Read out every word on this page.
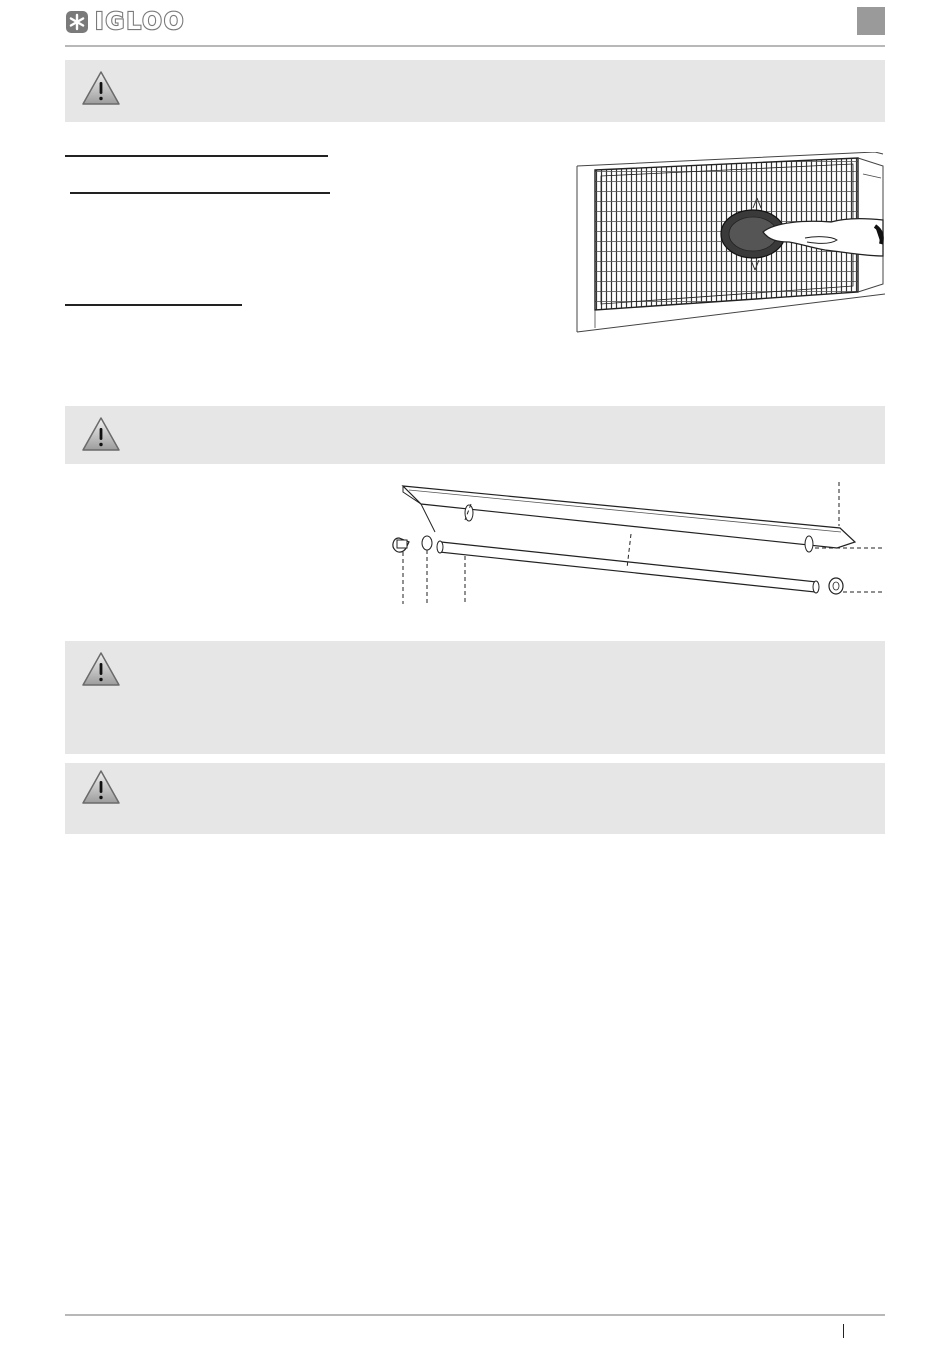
IGLOO
